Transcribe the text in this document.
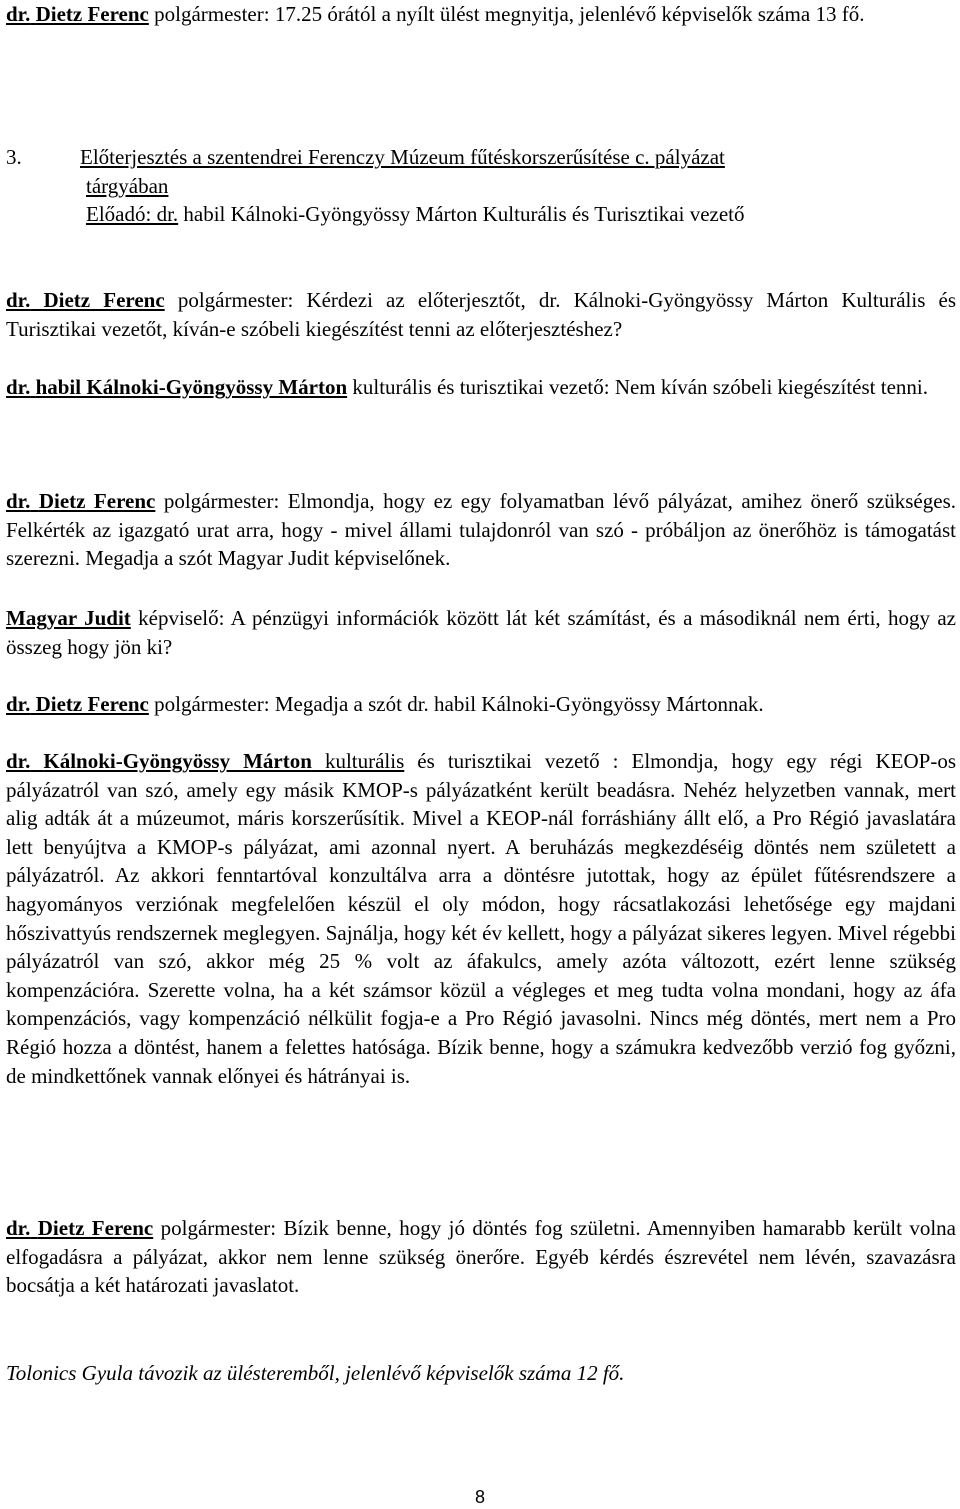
dr. Dietz Ferenc polgármester: 17.25 órától a nyílt ülést megnyitja, jelenlévő képviselők száma 13 fő.

3.	Előterjesztés a szentendrei Ferenczy Múzeum fűtéskorszerűsítése c. pályázat
tárgyában
Előadó: dr. habil Kálnoki-Gyöngyössy Márton Kulturális és Turisztikai vezető

dr. Dietz Ferenc polgármester: Kérdezi az előterjesztőt, dr. Kálnoki-Gyöngyössy Márton Kulturális és Turisztikai vezetőt, kíván-e szóbeli kiegészítést tenni az előterjesztéshez?

dr. habil Kálnoki-Gyöngyössy Márton kulturális és turisztikai vezető: Nem kíván szóbeli kiegészítést tenni.

dr. Dietz Ferenc polgármester: Elmondja, hogy ez egy folyamatban lévő pályázat, amihez önerő szükséges. Felkérték az igazgató urat arra, hogy - mivel állami tulajdonról van szó - próbáljon az önerőhöz is támogatást szerezni. Megadja a szót Magyar Judit képviselőnek.

Magyar Judit képviselő: A pénzügyi információk között lát két számítást, és a másodiknál nem érti, hogy az összeg hogy jön ki?

dr. Dietz Ferenc polgármester: Megadja a szót dr. habil Kálnoki-Gyöngyössy Mártonnak.

dr. Kálnoki-Gyöngyössy Márton kulturális és turisztikai vezető : Elmondja, hogy egy régi KEOP-os pályázatról van szó, amely egy másik KMOP-s pályázatként került beadásra. Nehéz helyzetben vannak, mert alig adták át a múzeumot, máris korszerűsítik. Mivel a KEOP-nál forráshiány állt elő, a Pro Régió javaslatára lett benyújtva a KMOP-s pályázat, ami azonnal nyert. A beruházás megkezdéséig döntés nem született a pályázatról. Az akkori fenntartóval konzultálva arra a döntésre jutottak, hogy az épület fűtésrendszere a hagyományos verziónak megfelelően készül el oly módon, hogy rácsatlakozási lehetősége egy majdani hőszivattyús rendszernek meglegyen. Sajnálja, hogy két év kellett, hogy a pályázat sikeres legyen. Mivel régebbi pályázatról van szó, akkor még 25 % volt az áfakulcs, amely azóta változott, ezért lenne szükség kompenzációra. Szerette volna, ha a két számsor közül a végleges et meg tudta volna mondani, hogy az áfa kompenzációs, vagy kompenzáció nélkülit fogja-e a Pro Régió javasolni. Nincs még döntés, mert nem a Pro Régió hozza a döntést, hanem a felettes hatósága. Bízik benne, hogy a számukra kedvezőbb verzió fog győzni, de mindkettőnek vannak előnyei és hátrányai is.

dr. Dietz Ferenc polgármester: Bízik benne, hogy jó döntés fog születni. Amennyiben hamarabb került volna elfogadásra a pályázat, akkor nem lenne szükség önerőre. Egyéb kérdés észrevétel nem lévén, szavazásra bocsátja a két határozati javaslatot.

Tolonics Gyula távozik az ülésteremből, jelenlévő képviselők száma 12 fő.

8
